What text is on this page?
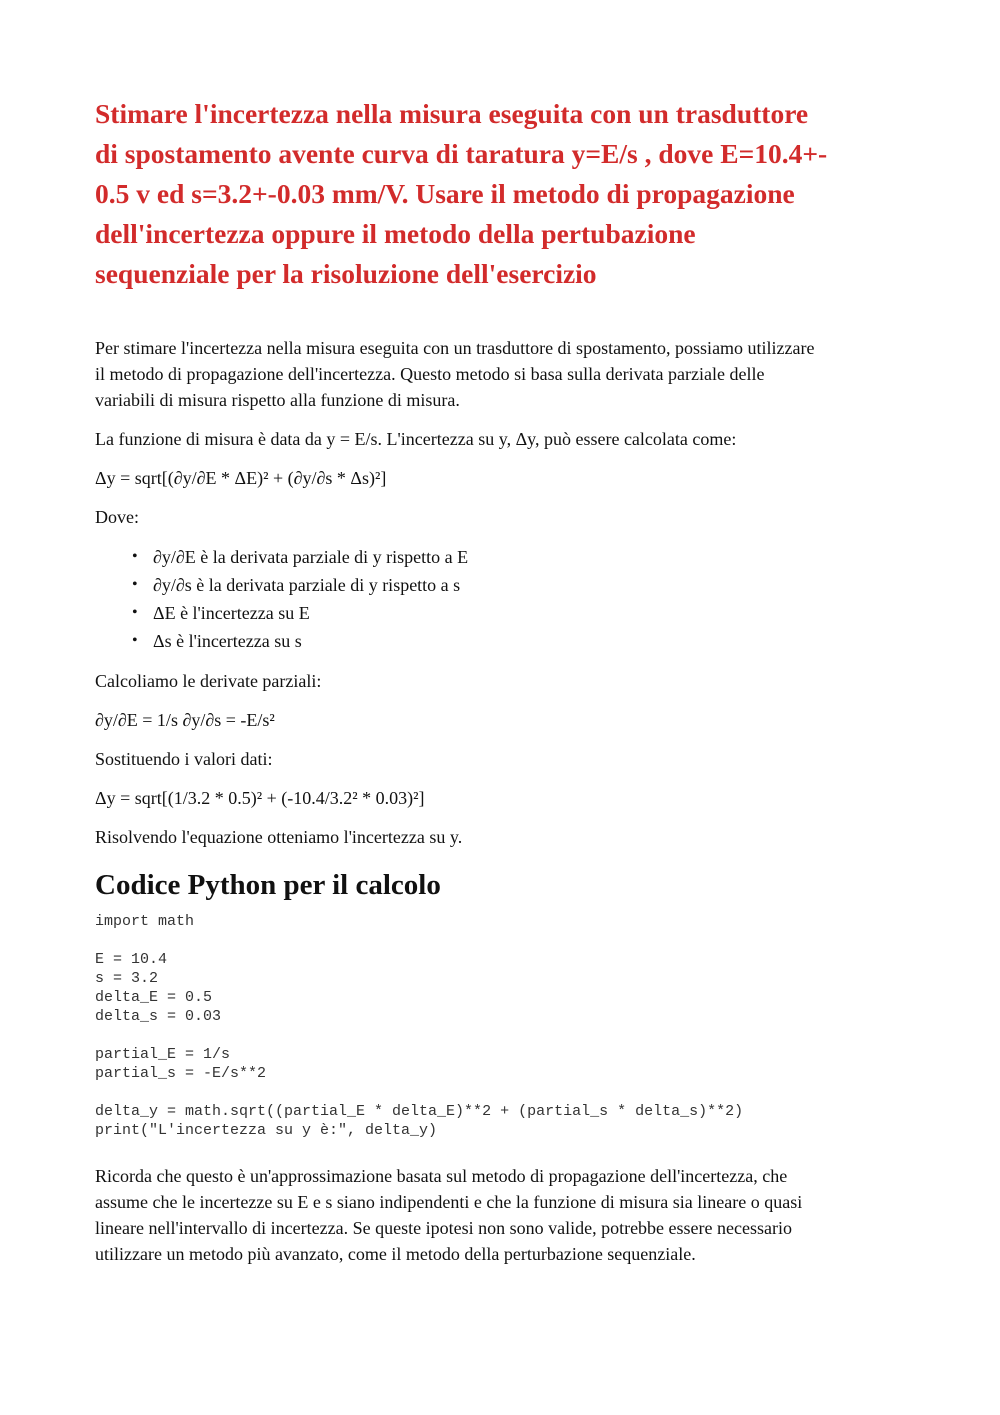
Stimare l'incertezza nella misura eseguita con un trasduttore
di spostamento avente curva di taratura y=E/s , dove E=10.4+-
0.5 v ed s=3.2+-0.03 mm/V. Usare il metodo di propagazione
dell'incertezza oppure il metodo della pertubazione
sequenziale per la risoluzione dell'esercizio

Per stimare l'incertezza nella misura eseguita con un trasduttore di spostamento, possiamo utilizzare
il metodo di propagazione dell'incertezza. Questo metodo si basa sulla derivata parziale delle
variabili di misura rispetto alla funzione di misura.

La funzione di misura è data da y = E/s. L'incertezza su y, Δy, può essere calcolata come:

Δy = sqrt[(∂y/∂E * ΔE)² + (∂y/∂s * Δs)²]

Dove:

• ∂y/∂E è la derivata parziale di y rispetto a E
• ∂y/∂s è la derivata parziale di y rispetto a s
• ΔE è l'incertezza su E
• Δs è l'incertezza su s

Calcoliamo le derivate parziali:

∂y/∂E = 1/s ∂y/∂s = -E/s²

Sostituendo i valori dati:

Δy = sqrt[(1/3.2 * 0.5)² + (-10.4/3.2² * 0.03)²]

Risolvendo l'equazione otteniamo l'incertezza su y.

Codice Python per il calcolo
import math

E = 10.4
s = 3.2
delta_E = 0.5
delta_s = 0.03

partial_E = 1/s
partial_s = -E/s**2

delta_y = math.sqrt((partial_E * delta_E)**2 + (partial_s * delta_s)**2)
print("L'incertezza su y è:", delta_y)

Ricorda che questo è un'approssimazione basata sul metodo di propagazione dell'incertezza, che
assume che le incertezze su E e s siano indipendenti e che la funzione di misura sia lineare o quasi
lineare nell'intervallo di incertezza. Se queste ipotesi non sono valide, potrebbe essere necessario
utilizzare un metodo più avanzato, come il metodo della perturbazione sequenziale.
